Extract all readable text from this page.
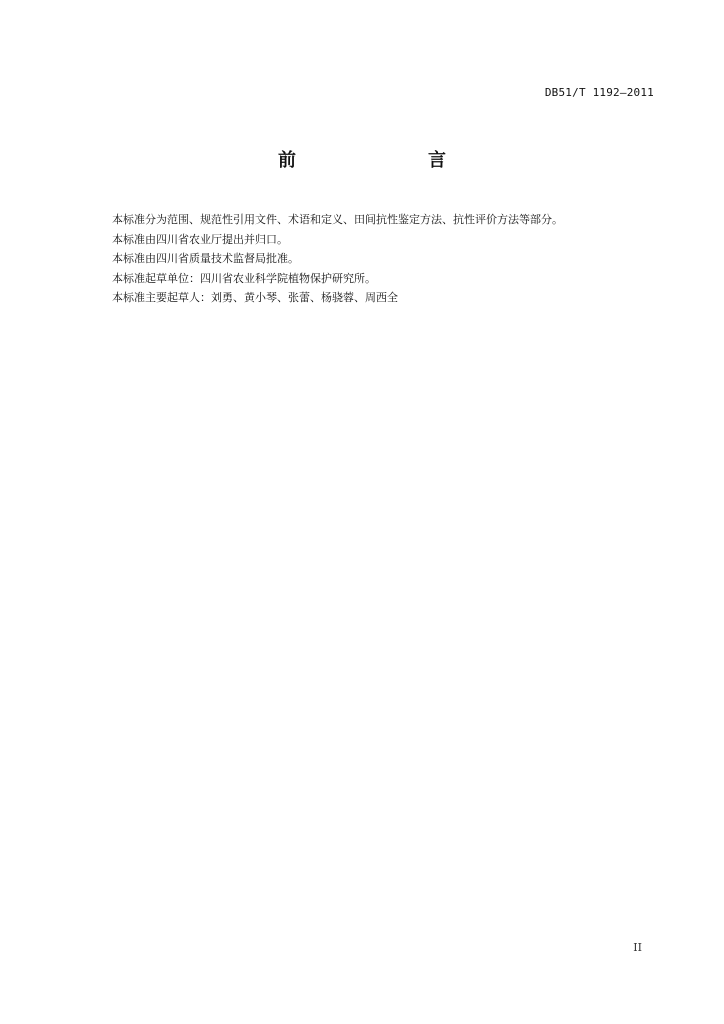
DB51/T 1192—2011
前　　言

本标准分为范围、规范性引用文件、术语和定义、田间抗性鉴定方法、抗性评价方法等部分。

本标准由四川省农业厅提出并归口。

本标准由四川省质量技术监督局批准。

本标准起草单位：四川省农业科学院植物保护研究所。

本标准主要起草人：刘勇、黄小琴、张蕾、杨骁蓉、周西全

II
